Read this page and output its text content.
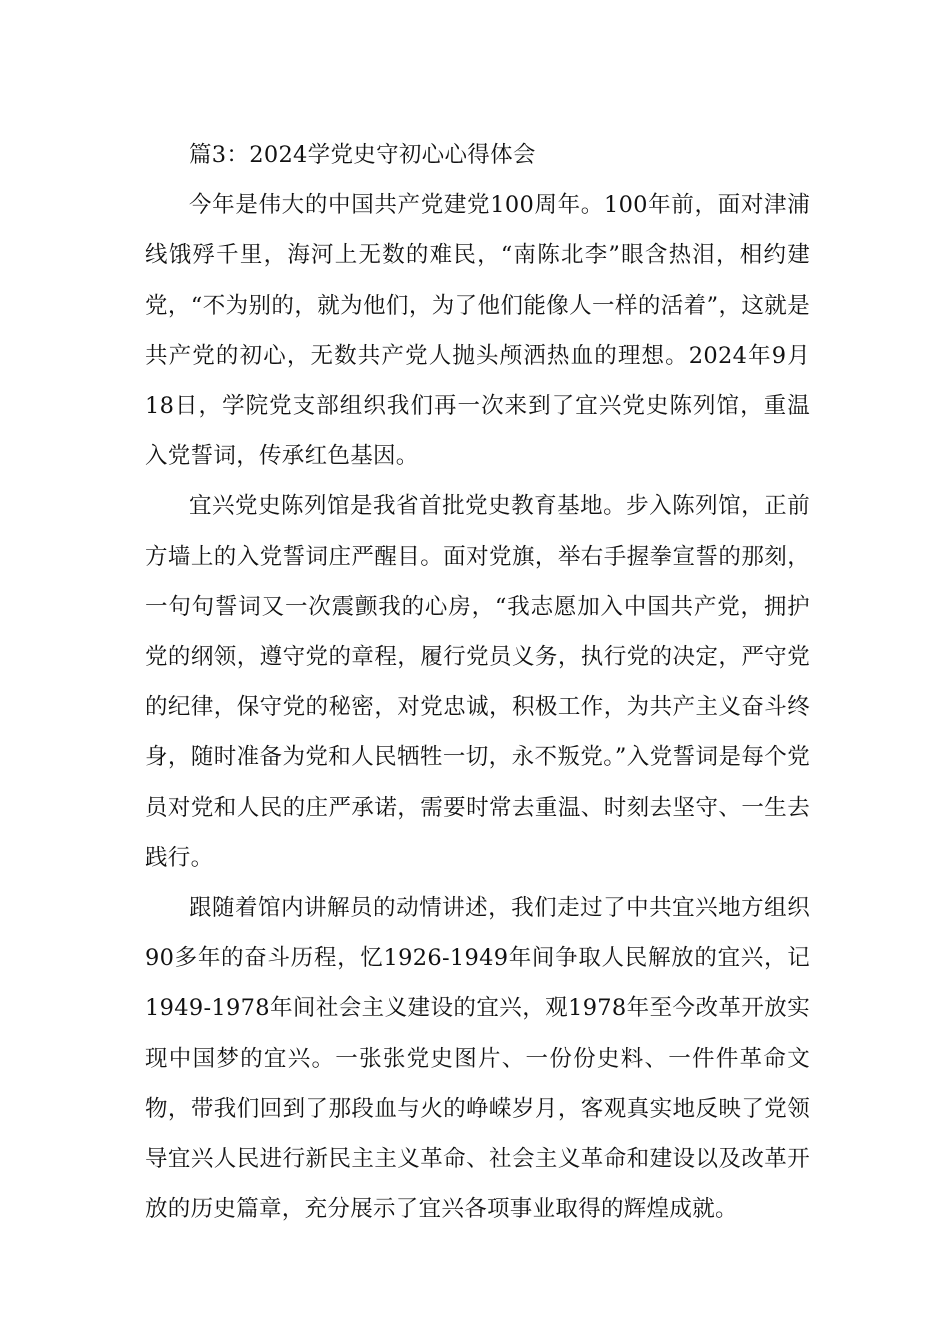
篇3：2024学党史守初心心得体会

今年是伟大的中国共产党建党100周年。100年前，面对津浦线饿殍千里，海河上无数的难民，“南陈北李”眼含热泪，相约建党，“不为别的，就为他们，为了他们能像人一样的活着”，这就是共产党的初心，无数共产党人抛头颅洒热血的理想。2024年9月18日，学院党支部组织我们再一次来到了宜兴党史陈列馆，重温入党誓词，传承红色基因。

宜兴党史陈列馆是我省首批党史教育基地。步入陈列馆，正前方墙上的入党誓词庄严醒目。面对党旗，举右手握拳宣誓的那刻，一句句誓词又一次震颤我的心房，“我志愿加入中国共产党，拥护党的纲领，遵守党的章程，履行党员义务，执行党的决定，严守党的纪律，保守党的秘密，对党忠诚，积极工作，为共产主义奋斗终身，随时准备为党和人民牺牲一切，永不叛党。”入党誓词是每个党员对党和人民的庄严承诺，需要时常去重温、时刻去坚守、一生去践行。

跟随着馆内讲解员的动情讲述，我们走过了中共宜兴地方组织90多年的奋斗历程，忆1926-1949年间争取人民解放的宜兴，记1949-1978年间社会主义建设的宜兴，观1978年至今改革开放实现中国梦的宜兴。一张张党史图片、一份份史料、一件件革命文物，带我们回到了那段血与火的峥嵘岁月，客观真实地反映了党领导宜兴人民进行新民主主义革命、社会主义革命和建设以及改革开放的历史篇章，充分展示了宜兴各项事业取得的辉煌成就。
